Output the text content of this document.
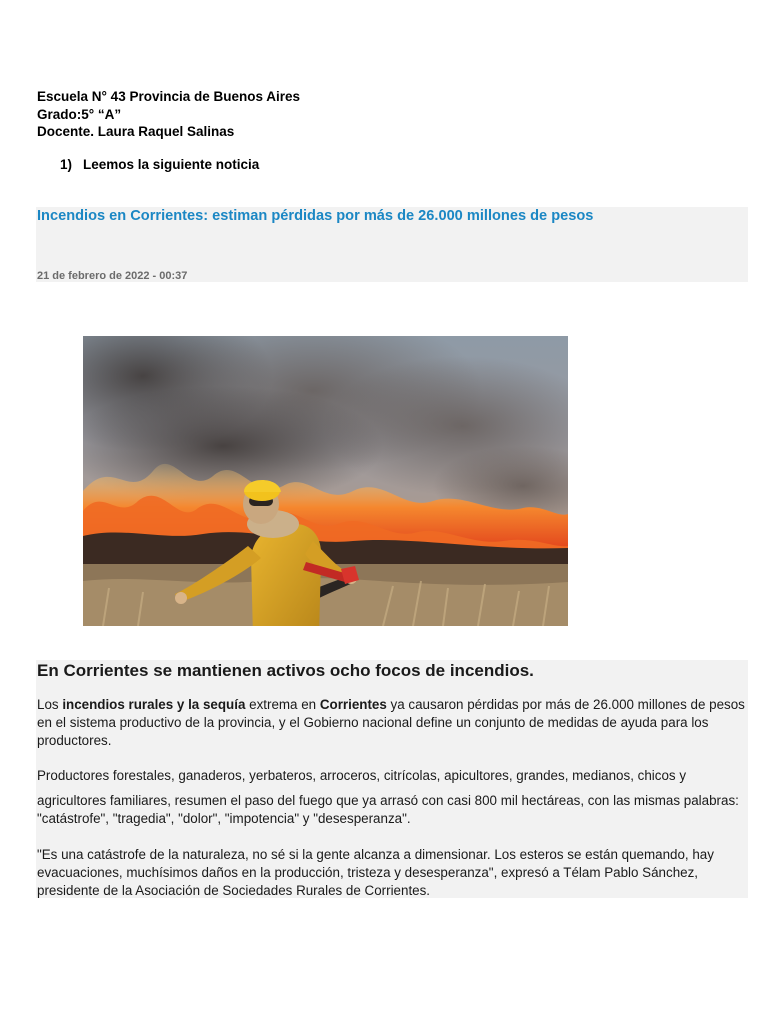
Escuela N° 43 Provincia de Buenos Aires
Grado:5° “A”
Docente. Laura Raquel Salinas
1) Leemos la siguiente noticia
Incendios en Corrientes: estiman pérdidas por más de 26.000 millones de pesos
21 de febrero de 2022 - 00:37
En Corrientes se mantienen activos ocho focos de incendios.
Los incendios rurales y la sequía extrema en Corrientes ya causaron pérdidas por más de 26.000 millones de pesos en el sistema productivo de la provincia, y el Gobierno nacional define un conjunto de medidas de ayuda para los productores.
Productores forestales, ganaderos, yerbateros, arroceros, citrícolas, apicultores, grandes, medianos, chicos y
agricultores familiares, resumen el paso del fuego que ya arrasó con casi 800 mil hectáreas, con las mismas palabras: "catástrofe", "tragedia", "dolor", "impotencia" y "desesperanza".
"Es una catástrofe de la naturaleza, no sé si la gente alcanza a dimensionar. Los esteros se están quemando, hay evacuaciones, muchísimos daños en la producción, tristeza y desesperanza", expresó a Télam Pablo Sánchez, presidente de la Asociación de Sociedades Rurales de Corrientes.
